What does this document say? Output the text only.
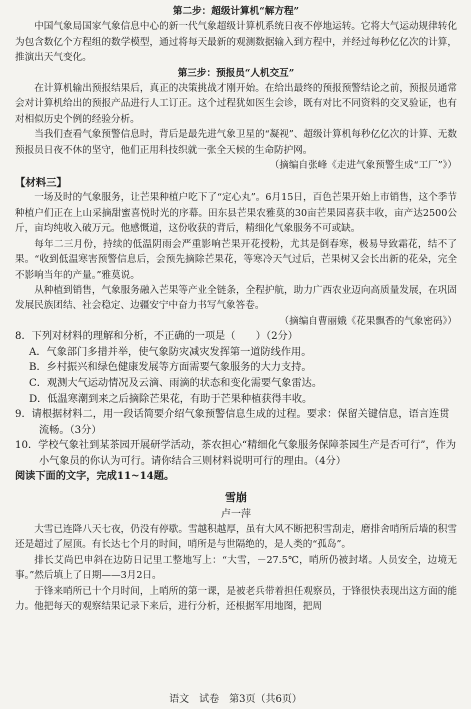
第二步：超级计算机“解方程”

中国气象局国家气象信息中心的新一代气象超级计算机系统日夜不停地运转。它将大气运动规律转化为包含数亿个方程组的数学模型，通过将每天最新的观测数据输入到方程中，并经过每秒亿亿次的计算，推演出天气变化。

第三步：预报员“人机交互”

在计算机输出预报结果后，真正的决策挑战才刚开始。在给出最终的预报预警结论之前，预报员通常会对计算机给出的预报产品进行人工订正。这个过程犹如医生会诊，既有对比不同资料的交叉验证，也有对相似历史个例的经验分析。

当我们查看气象预警信息时，背后是最先进气象卫星的“凝视”、超级计算机每秒亿亿次的计算、无数预报员日夜不休的坚守，他们正用科技织就一张全天候的生命防护网。

（摘编自张峰《走进气象预警生成“工厂”》）

【材料三】

一场及时的气象服务，让芒果种植户吃下了“定心丸”。6月15日，百色芒果开始上市销售，这个季节种植户们正在上山采摘甜蜜喜悦时光的序幕。田东县芒果农雅莫的30亩芒果园喜获丰收，亩产达2500公斤，亩均纯收入破万元。他感慨道，这份收获的背后，精细化气象服务不可或缺。

每年二三月份，持续的低温阴雨会严重影响芒果开花授粉，尤其是倒春寒，极易导致霜花，结不了果。“收到低温寒害预警信息后，会预先摘除芒果花，等寒冷天气过后，芒果树又会长出新的花朵，完全不影响当年的产量。”雅莫说。

从种植到销售，气象服务融入芒果等产业全链条，全程护航，助力广西农业迈向高质量发展，在巩固发展民族团结、社会稳定、边疆安宁中奋力书写气象答卷。

（摘编自曹丽娥《花果飘香的气象密码》）

8．下列对材料的理解和分析，不正确的一项是（　　）（2分）

A．气象部门多措并举，使气象防灾减灾发挥第一道防线作用。

B．乡村振兴和绿色健康发展等方面需要气象服务的大力支持。

C．观测大气运动情况及云滴、雨滴的状态和变化需要气象雷达。

D．低温寒潮到来之后摘除芒果花，有助于芒果种植获得丰收。

9．请根据材料二，用一段话简要介绍气象预警信息生成的过程。要求：保留关键信息，语言连贯流畅。（3分）

10．学校气象社到某茶园开展研学活动，茶农担心“精细化气象服务保障茶园生产是否可行”，作为小气象员的你认为可行。请你结合三则材料说明可行的理由。（4分）

阅读下面的文字，完成11~14题。

雪崩

卢一萍

大雪已连降八天七夜，仍没有停歇。雪越积越厚，虽有大风不断把积雪刮走，磨排舍哨所后墙的积雪还是超过了屋顶。有长达七个月的时间，哨所是与世隔绝的，是人类的“孤岛”。

排长艾尚巴申斜在边防日记里工整地写上：“大雪，－27.5℃，哨所仍被封堵。人员安全，边境无事。”然后填上了日期——3月2日。

于锋来哨所已十个月时间，上哨所的第一课，是被老兵带着担任观察员，于锋很快表现出这方面的能力。他把每天的观察结果记录下来后，进行分析，还根据军用地图，把周

语文　试卷　第3页（共6页）
